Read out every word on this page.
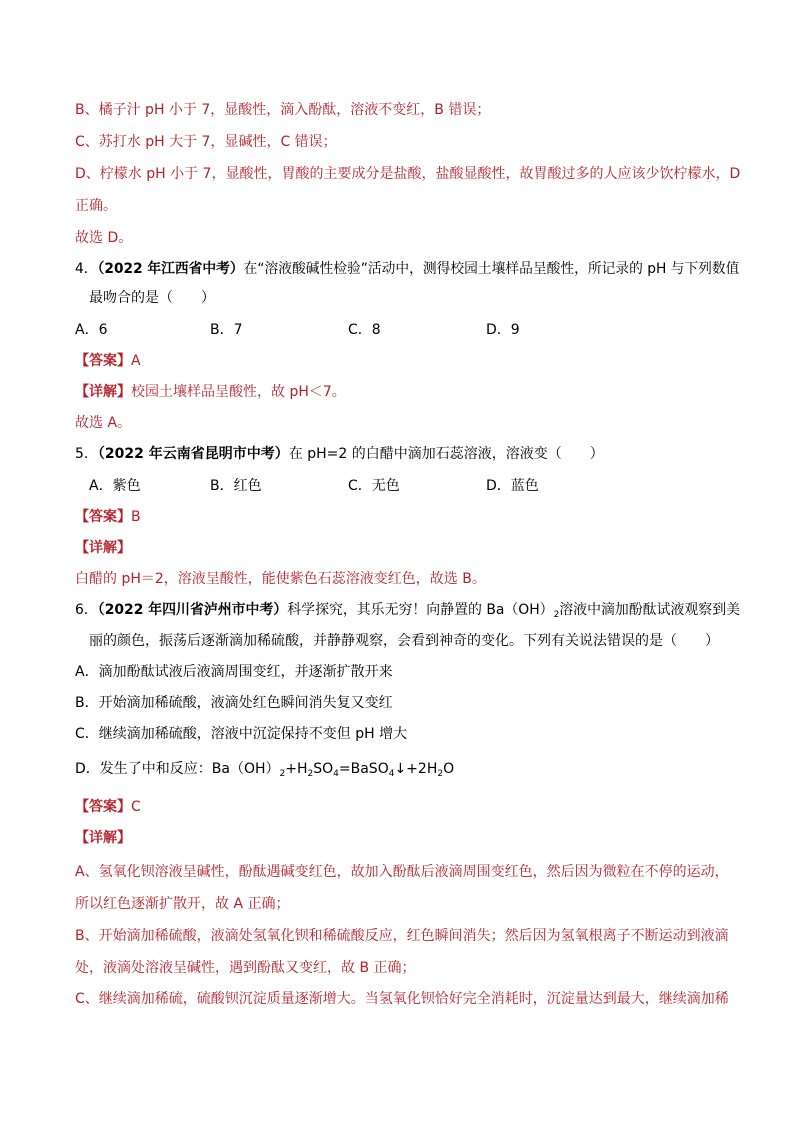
B、橘子汁 pH 小于 7，显酸性，滴入酚酞，溶液不变红，B 错误；
C、苏打水 pH 大于 7，显碱性，C 错误；
D、柠檬水 pH 小于 7，显酸性，胃酸的主要成分是盐酸，盐酸显酸性，故胃酸过多的人应该少饮柠檬水，D
正确。
故选 D。
4．（2022 年江西省中考）在“溶液酸碱性检验”活动中，测得校园土壤样品呈酸性，所记录的 pH 与下列数值
最吻合的是（　　）
A．6	B．7	C．8	D．9
【答案】A
【详解】校园土壤样品呈酸性，故 pH＜7。
故选 A。
5．（2022 年云南省昆明市中考）在 pH=2 的白醋中滴加石蕊溶液，溶液变（　　）
A．紫色	B．红色	C．无色	D．蓝色
【答案】B
【详解】
白醋的 pH＝2，溶液呈酸性，能使紫色石蕊溶液变红色，故选 B。
6．（2022 年四川省泸州市中考）科学探究，其乐无穷！向静置的 $Ba(OH)_2$溶液中滴加酚酞试液观察到美
丽的颜色，振荡后逐渐滴加稀硫酸，并静静观察，会看到神奇的变化。下列有关说法错误的是（　　）
A．滴加酚酞试液后液滴周围变红，并逐渐扩散开来
B．开始滴加稀硫酸，液滴处红色瞬间消失复又变红
C．继续滴加稀硫酸，溶液中沉淀保持不变但 pH 增大
D．发生了中和反应：$Ba(OH)_2+H_2SO_4=BaSO_4↓+2H_2O$
【答案】C
【详解】
A、氢氧化钡溶液呈碱性，酚酞遇碱变红色，故加入酚酞后液滴周围变红色，然后因为微粒在不停的运动，
所以红色逐渐扩散开，故 A 正确；
B、开始滴加稀硫酸，液滴处氢氧化钡和稀硫酸反应，红色瞬间消失；然后因为氢氧根离子不断运动到液滴
处，液滴处溶液呈碱性，遇到酚酞又变红，故 B 正确；
C、继续滴加稀硫，硫酸钡沉淀质量逐渐增大。当氢氧化钡恰好完全消耗时，沉淀量达到最大，继续滴加稀
